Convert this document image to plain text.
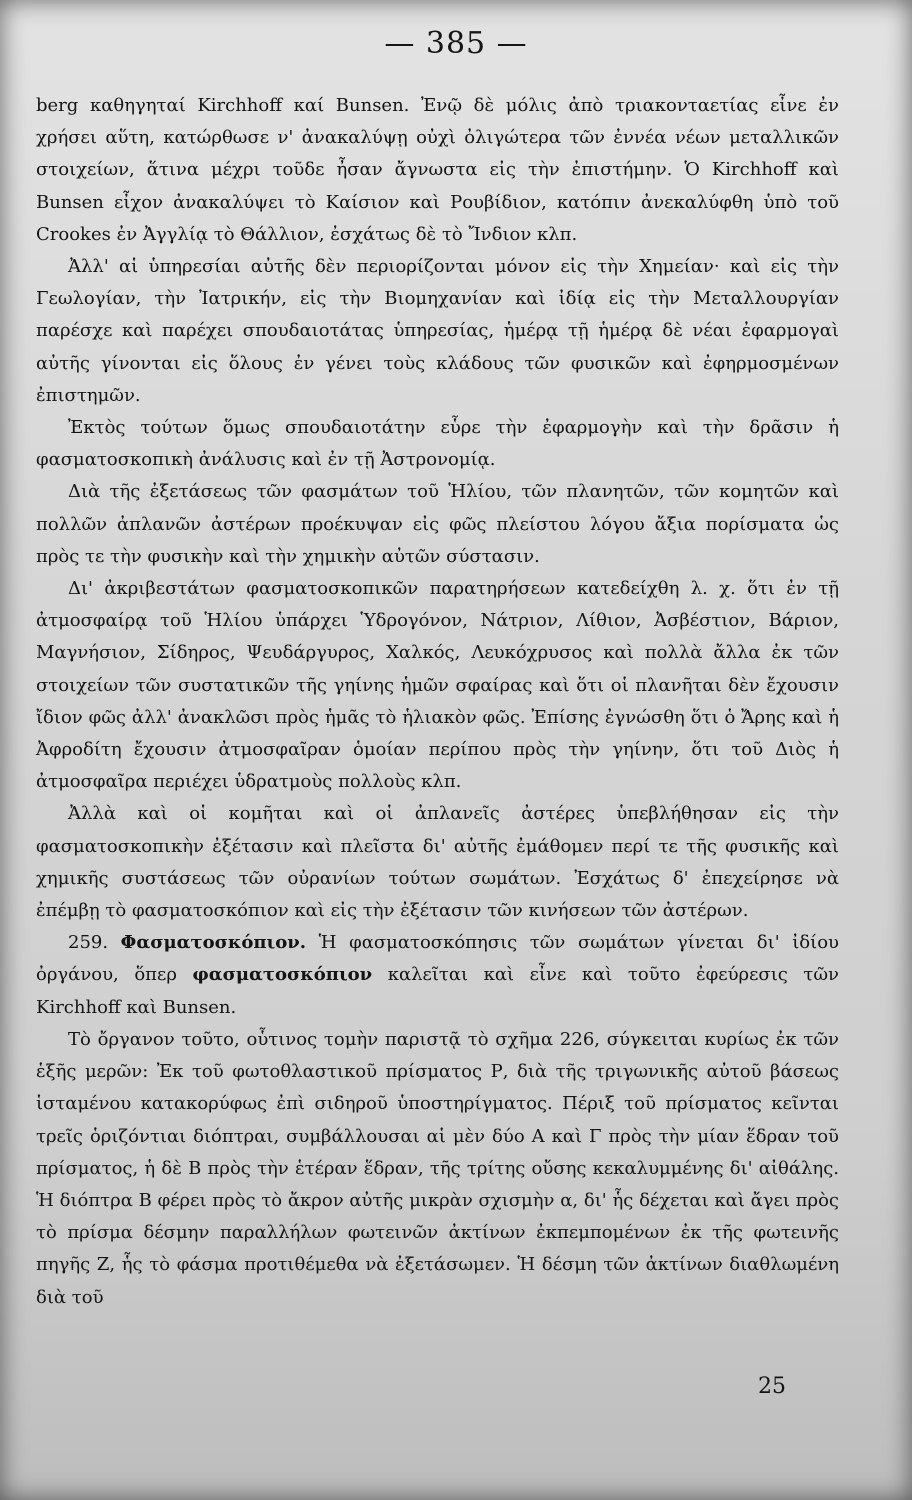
— 385 —

berg καθηγηταί Kirchhoff καί Bunsen. Ἐνῷ δὲ μόλις ἀπὸ τριακονταετίας εἶνε ἐν χρήσει αὕτη, κατώρθωσε ν' ἀνακαλύψῃ οὐχὶ ὀλιγώτερα τῶν ἐννέα νέων μεταλλικῶν στοιχείων, ἅτινα μέχρι τοῦδε ἦσαν ἄγνωστα εἰς τὴν ἐπιστήμην. Ὁ Kirchhoff καὶ Bunsen εἶχον ἀνακαλύψει τὸ Καίσιον καὶ Ρουβίδιον, κατόπιν ἀνεκαλύφθη ὑπὸ τοῦ Crookes ἐν Ἀγγλίᾳ τὸ Θάλλιον, ἐσχάτως δὲ τὸ Ἴνδιον κλπ.

Ἀλλ' αἱ ὑπηρεσίαι αὐτῆς δὲν περιορίζονται μόνον εἰς τὴν Χημείαν· καὶ εἰς τὴν Γεωλογίαν, τὴν Ἰατρικήν, εἰς τὴν Βιομηχανίαν καὶ ἰδίᾳ εἰς τὴν Μεταλλουργίαν παρέσχε καὶ παρέχει σπουδαιοτάτας ὑπηρεσίας, ἡμέρᾳ τῇ ἡμέρᾳ δὲ νέαι ἐφαρμογαὶ αὐτῆς γίνονται εἰς ὅλους ἐν γένει τοὺς κλάδους τῶν φυσικῶν καὶ ἐφηρμοσμένων ἐπιστημῶν.

Ἐκτὸς τούτων ὅμως σπουδαιοτάτην εὗρε τὴν ἐφαρμογὴν καὶ τὴν δρᾶσιν ἡ φασματοσκοπικὴ ἀνάλυσις καὶ ἐν τῇ Ἀστρονομίᾳ.

Διὰ τῆς ἐξετάσεως τῶν φασμάτων τοῦ Ἡλίου, τῶν πλανητῶν, τῶν κομητῶν καὶ πολλῶν ἀπλανῶν ἀστέρων προέκυψαν εἰς φῶς πλείστου λόγου ἄξια πορίσματα ὡς πρὸς τε τὴν φυσικὴν καὶ τὴν χημικὴν αὐτῶν σύστασιν.

Δι' ἀκριβεστάτων φασματοσκοπικῶν παρατηρήσεων κατεδείχθη λ. χ. ὅτι ἐν τῇ ἀτμοσφαίρᾳ τοῦ Ἡλίου ὑπάρχει Ὑδρογόνον, Νάτριον, Λίθιον, Ἀσβέστιον, Βάριον, Μαγνήσιον, Σίδηρος, Ψευδάργυρος, Χαλκός, Λευκόχρυσος καὶ πολλὰ ἄλλα ἐκ τῶν στοιχείων τῶν συστατικῶν τῆς γηίνης ἡμῶν σφαίρας καὶ ὅτι οἱ πλανῆται δὲν ἔχουσιν ἴδιον φῶς ἀλλ' ἀνακλῶσι πρὸς ἡμᾶς τὸ ἡλιακὸν φῶς. Ἐπίσης ἐγνώσθη ὅτι ὁ Ἄρης καὶ ἡ Ἀφροδίτη ἔχουσιν ἀτμοσφαῖραν ὁμοίαν περίπου πρὸς τὴν γηίνην, ὅτι τοῦ Διὸς ἡ ἀτμοσφαῖρα περιέχει ὑδρατμοὺς πολλοὺς κλπ.

Ἀλλὰ καὶ οἱ κομῆται καὶ οἱ ἀπλανεῖς ἀστέρες ὑπεβλήθησαν εἰς τὴν φασματοσκοπικὴν ἐξέτασιν καὶ πλεῖστα δι' αὐτῆς ἐμάθομεν περί τε τῆς φυσικῆς καὶ χημικῆς συστάσεως τῶν οὐρανίων τούτων σωμάτων. Ἐσχάτως δ' ἐπεχείρησε νὰ ἐπέμβῃ τὸ φασματοσκόπιον καὶ εἰς τὴν ἐξέτασιν τῶν κινήσεων τῶν ἀστέρων.

259. Φασματοσκόπιον. Ἡ φασματοσκόπησις τῶν σωμάτων γίνεται δι' ἰδίου ὀργάνου, ὅπερ φασματοσκόπιον καλεῖται καὶ εἶνε καὶ τοῦτο ἐφεύρεσις τῶν Kirchhoff καὶ Bunsen.

Τὸ ὄργανον τοῦτο, οὗτινος τομὴν παριστᾷ τὸ σχῆμα 226, σύγκειται κυρίως ἐκ τῶν ἑξῆς μερῶν: Ἐκ τοῦ φωτοθλαστικοῦ πρίσματος Ρ, διὰ τῆς τριγωνικῆς αὐτοῦ βάσεως ἱσταμένου κατακορύφως ἐπὶ σιδηροῦ ὑποστηρίγματος. Πέριξ τοῦ πρίσματος κεῖνται τρεῖς ὁριζόντιαι διόπτραι, συμβάλλουσαι αἱ μὲν δύο Α καὶ Γ πρὸς τὴν μίαν ἕδραν τοῦ πρίσματος, ἡ δὲ Β πρὸς τὴν ἑτέραν ἕδραν, τῆς τρίτης οὔσης κεκαλυμμένης δι' αἰθάλης. Ἡ διόπτρα Β φέρει πρὸς τὸ ἄκρον αὐτῆς μικρὰν σχισμὴν α, δι' ἧς δέχεται καὶ ἄγει πρὸς τὸ πρίσμα δέσμην παραλλήλων φωτεινῶν ἀκτίνων ἐκπεμπομένων ἐκ τῆς φωτεινῆς πηγῆς Ζ, ἧς τὸ φάσμα προτιθέμεθα νὰ ἐξετάσωμεν. Ἡ δέσμη τῶν ἀκτίνων διαθλωμένη διὰ τοῦ

25
